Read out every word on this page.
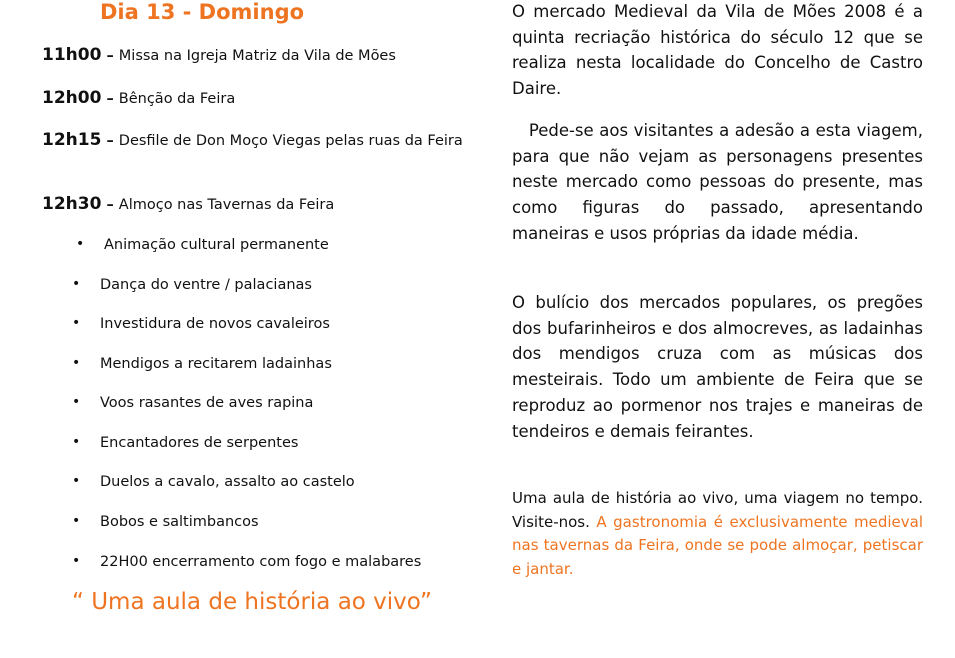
Dia 13 - Domingo
11h00 – Missa na Igreja Matriz da Vila de Mões
12h00 – Bênção da Feira
12h15 – Desfile de Don Moço Viegas pelas ruas da Feira
12h30 – Almoço nas Tavernas da Feira
• Animação cultural permanente
• Dança do ventre / palacianas
• Investidura de novos cavaleiros
• Mendigos a recitarem ladainhas
• Voos rasantes de aves rapina
• Encantadores de serpentes
• Duelos a cavalo, assalto ao castelo
• Bobos e saltimbancos
• 22H00 encerramento com fogo e malabares
“ Uma aula de história ao vivo”
O mercado Medieval da Vila de Mões 2008 é a quinta recriação histórica do século 12 que se realiza nesta localidade do Concelho de Castro Daire.
Pede-se aos visitantes a adesão a esta viagem, para que não vejam as personagens presentes neste mercado como pessoas do presente, mas como figuras do passado, apresentando maneiras e usos próprias da idade média.
O bulício dos mercados populares, os pregões dos bufarinheiros e dos almocreves, as ladainhas dos mendigos cruza com as músicas dos mesteirais. Todo um ambiente de Feira que se reproduz ao pormenor nos trajes e maneiras de tendeiros e demais feirantes.
Uma aula de história ao vivo, uma viagem no tempo. Visite-nos. A gastronomia é exclusivamente medieval nas tavernas da Feira, onde se pode almoçar, petiscar e jantar.
